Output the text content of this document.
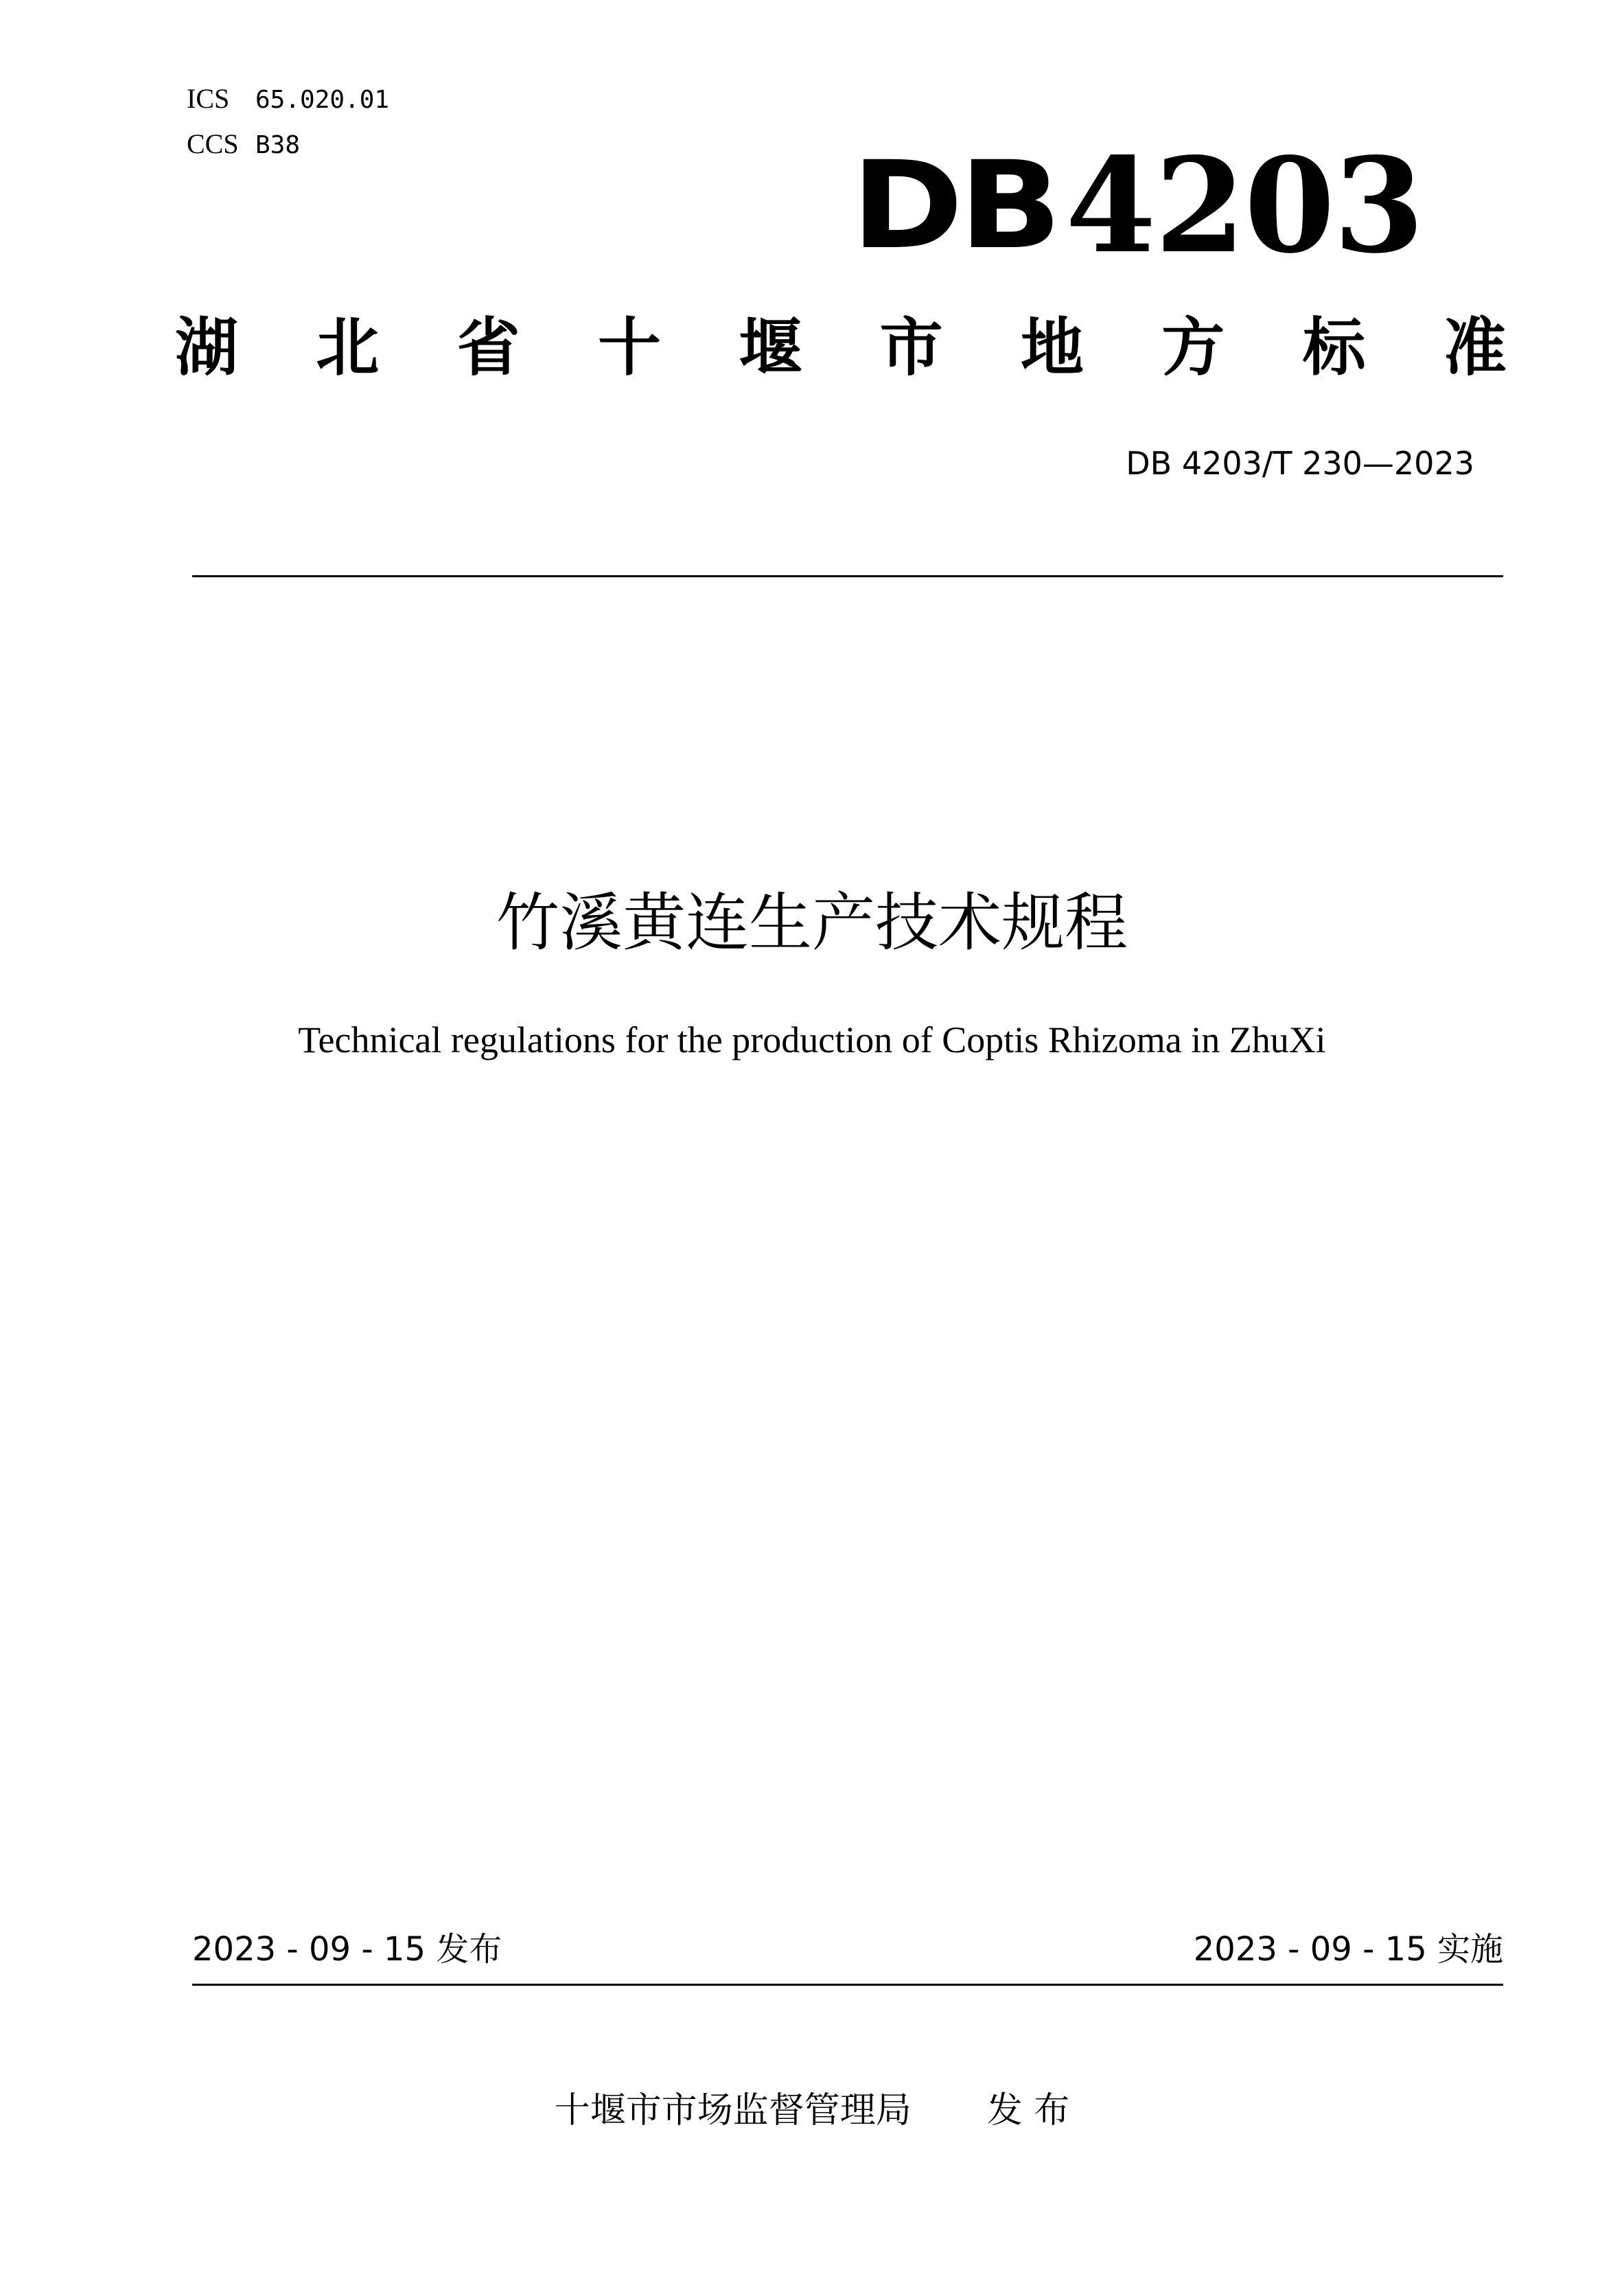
ICS	65.020.01
CCS B38	DB 4203
湖 北 省 十 堰 市 地 方 标 准
DB 4203/T 230—2023
竹溪黄连生产技术规程
Technical regulations for the production of Coptis Rhizoma in ZhuXi
2023 - 09 - 15 发布	2023 - 09 - 15 实施
十堰市市场监督管理局 发 布
